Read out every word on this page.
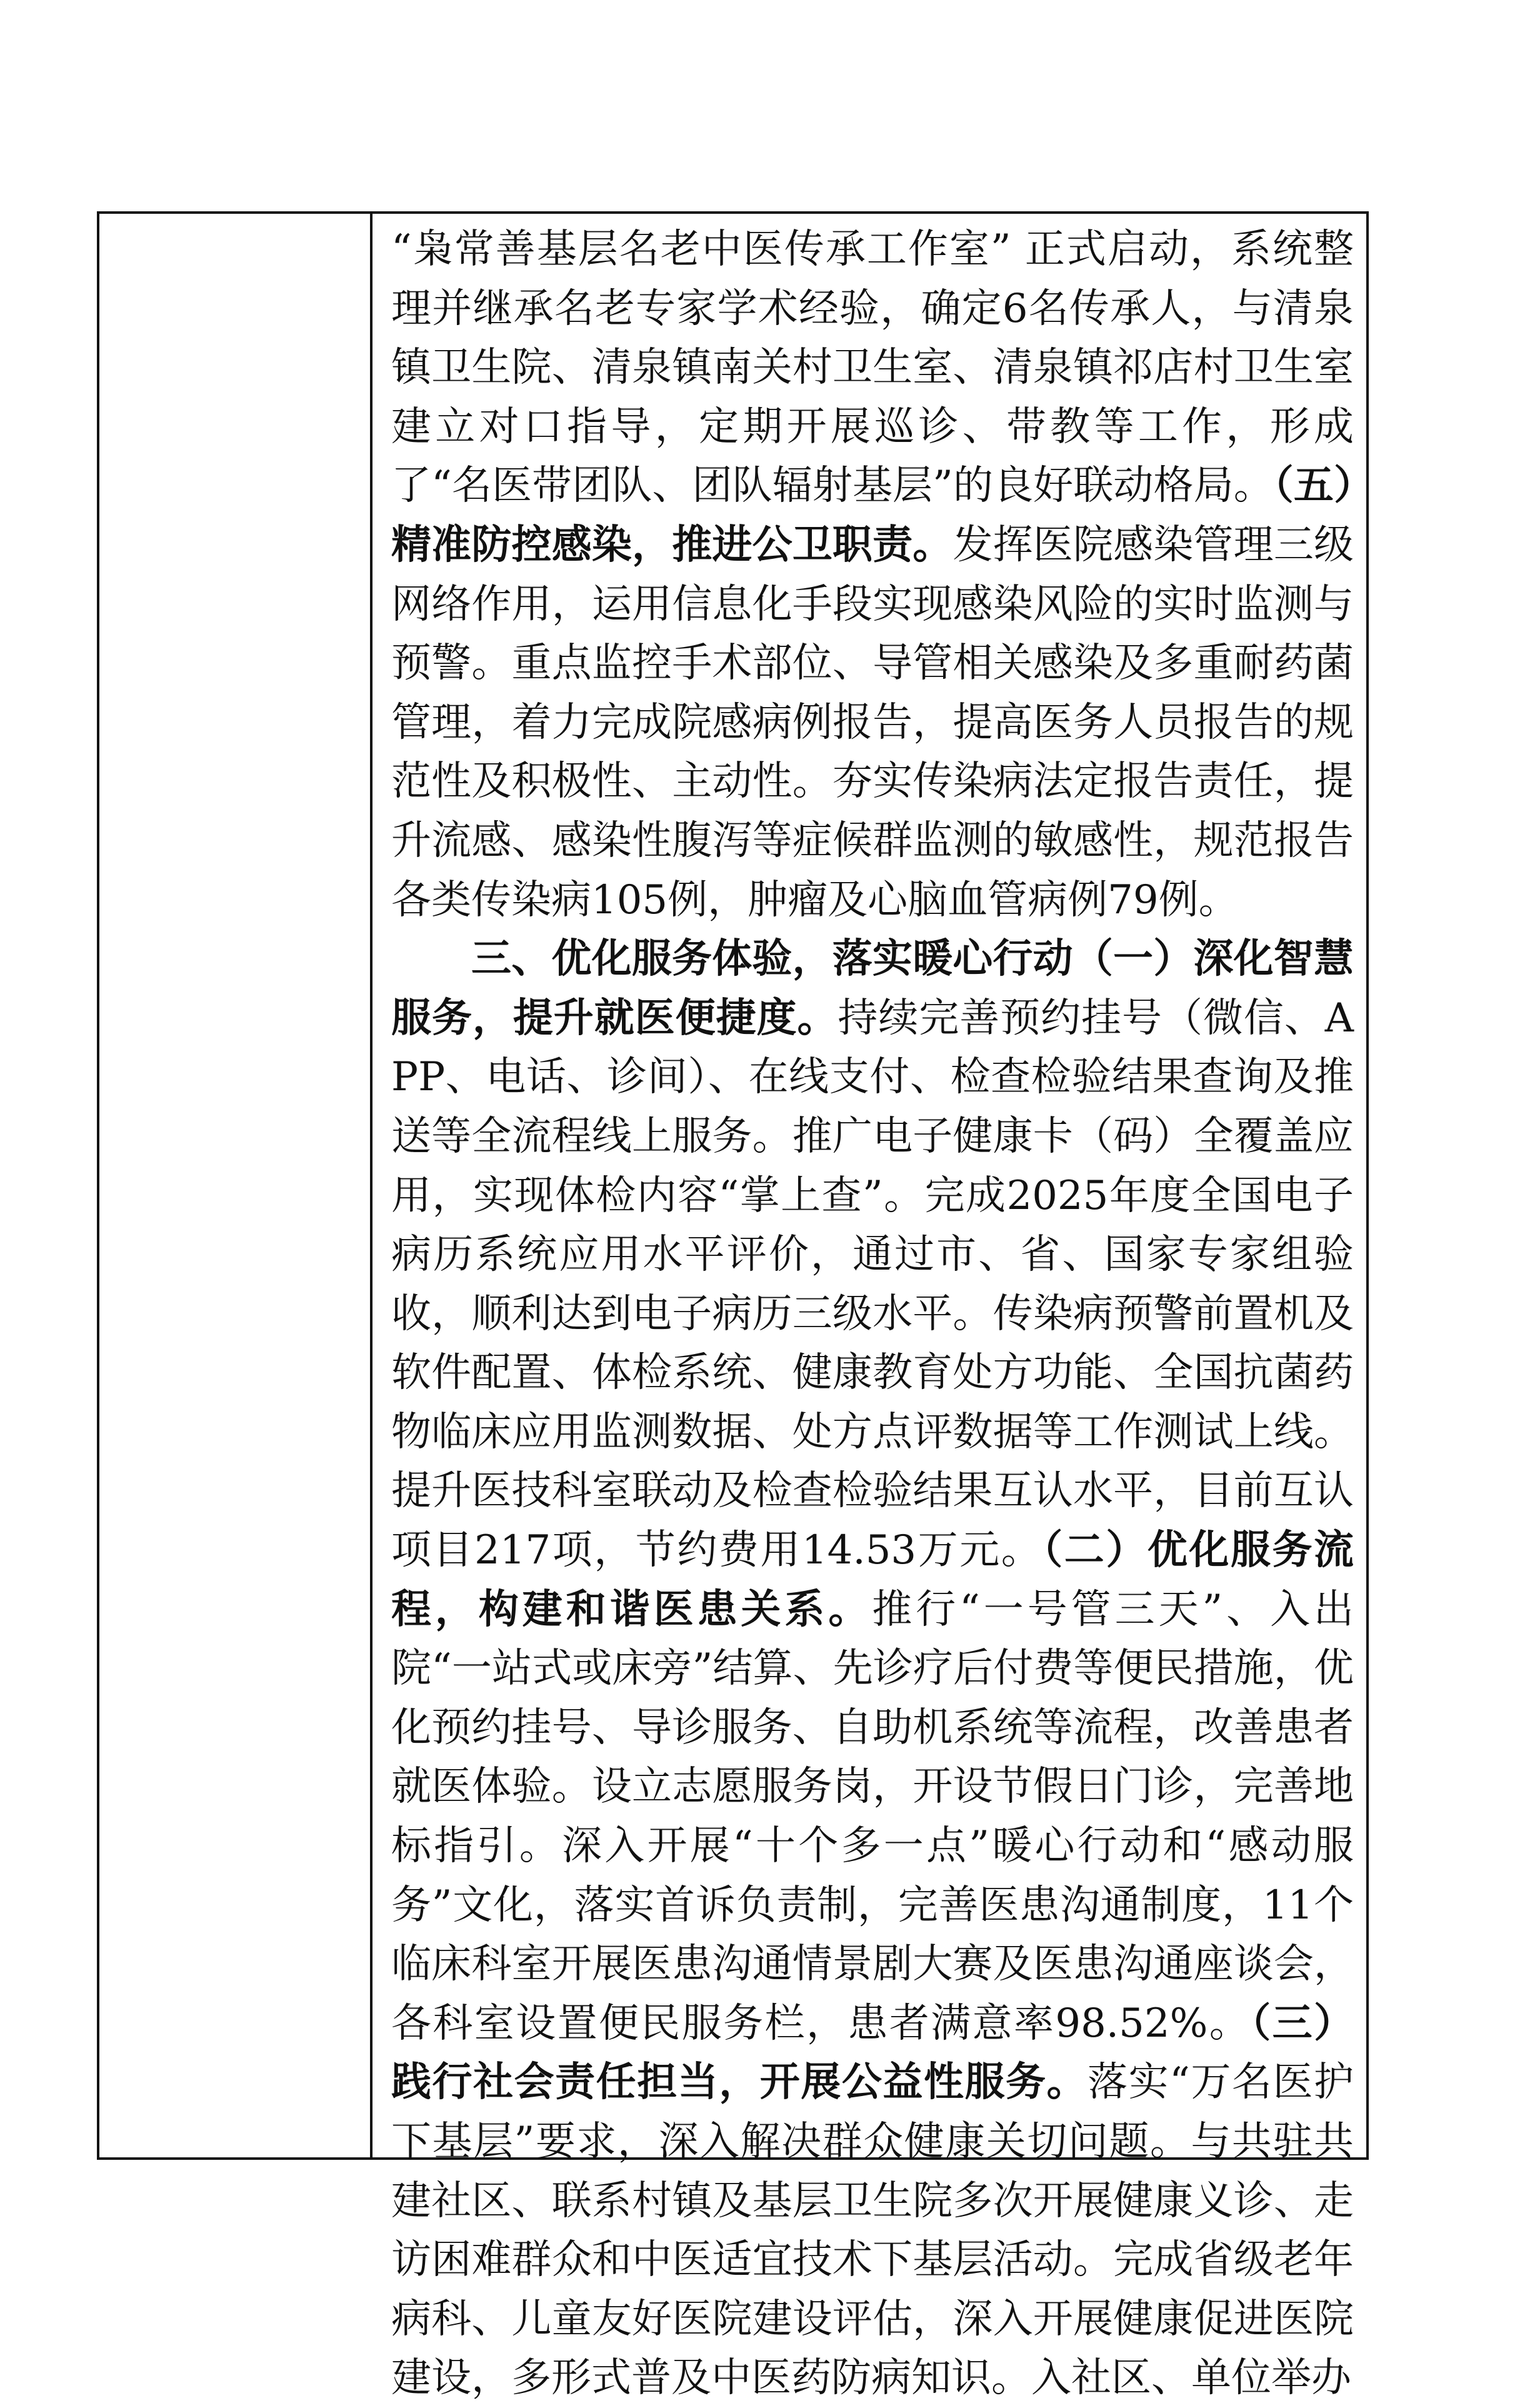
“枭常善基层名老中医传承工作室” 正式启动，系统整理并继承名老专家学术经验，确定6名传承人，与清泉镇卫生院、清泉镇南关村卫生室、清泉镇祁店村卫生室建立对口指导，定期开展巡诊、带教等工作，形成了“名医带团队、团队辐射基层”的良好联动格局。（五）精准防控感染，推进公卫职责。发挥医院感染管理三级网络作用，运用信息化手段实现感染风险的实时监测与预警。重点监控手术部位、导管相关感染及多重耐药菌管理，着力完成院感病例报告，提高医务人员报告的规范性及积极性、主动性。夯实传染病法定报告责任，提升流感、感染性腹泻等症候群监测的敏感性，规范报告各类传染病105例，肿瘤及心脑血管病例79例。

三、优化服务体验，落实暖心行动（一）深化智慧服务，提升就医便捷度。持续完善预约挂号（微信、APP、电话、诊间）、在线支付、检查检验结果查询及推送等全流程线上服务。推广电子健康卡（码）全覆盖应用，实现体检内容“掌上查”。完成2025年度全国电子病历系统应用水平评价，通过市、省、国家专家组验收，顺利达到电子病历三级水平。传染病预警前置机及软件配置、体检系统、健康教育处方功能、全国抗菌药物临床应用监测数据、处方点评数据等工作测试上线。提升医技科室联动及检查检验结果互认水平，目前互认项目217项，节约费用14.53万元。（二）优化服务流程，构建和谐医患关系。推行“一号管三天”、入出院“一站式或床旁”结算、先诊疗后付费等便民措施，优化预约挂号、导诊服务、自助机系统等流程，改善患者就医体验。设立志愿服务岗，开设节假日门诊，完善地标指引。深入开展“十个多一点”暖心行动和“感动服务”文化，落实首诉负责制，完善医患沟通制度，11个临床科室开展医患沟通情景剧大赛及医患沟通座谈会，各科室设置便民服务栏，患者满意率98.52%。（三）践行社会责任担当，开展公益性服务。落实“万名医护下基层”要求，深入解决群众健康关切问题。与共驻共建社区、联系村镇及基层卫生院多次开展健康义诊、走访困难群众和中医适宜技术下基层活动。完成省级老年病科、儿童友好医院建设评估，深入开展健康促进医院建设，多形式普及中医药防病知识。入社区、单位举办
